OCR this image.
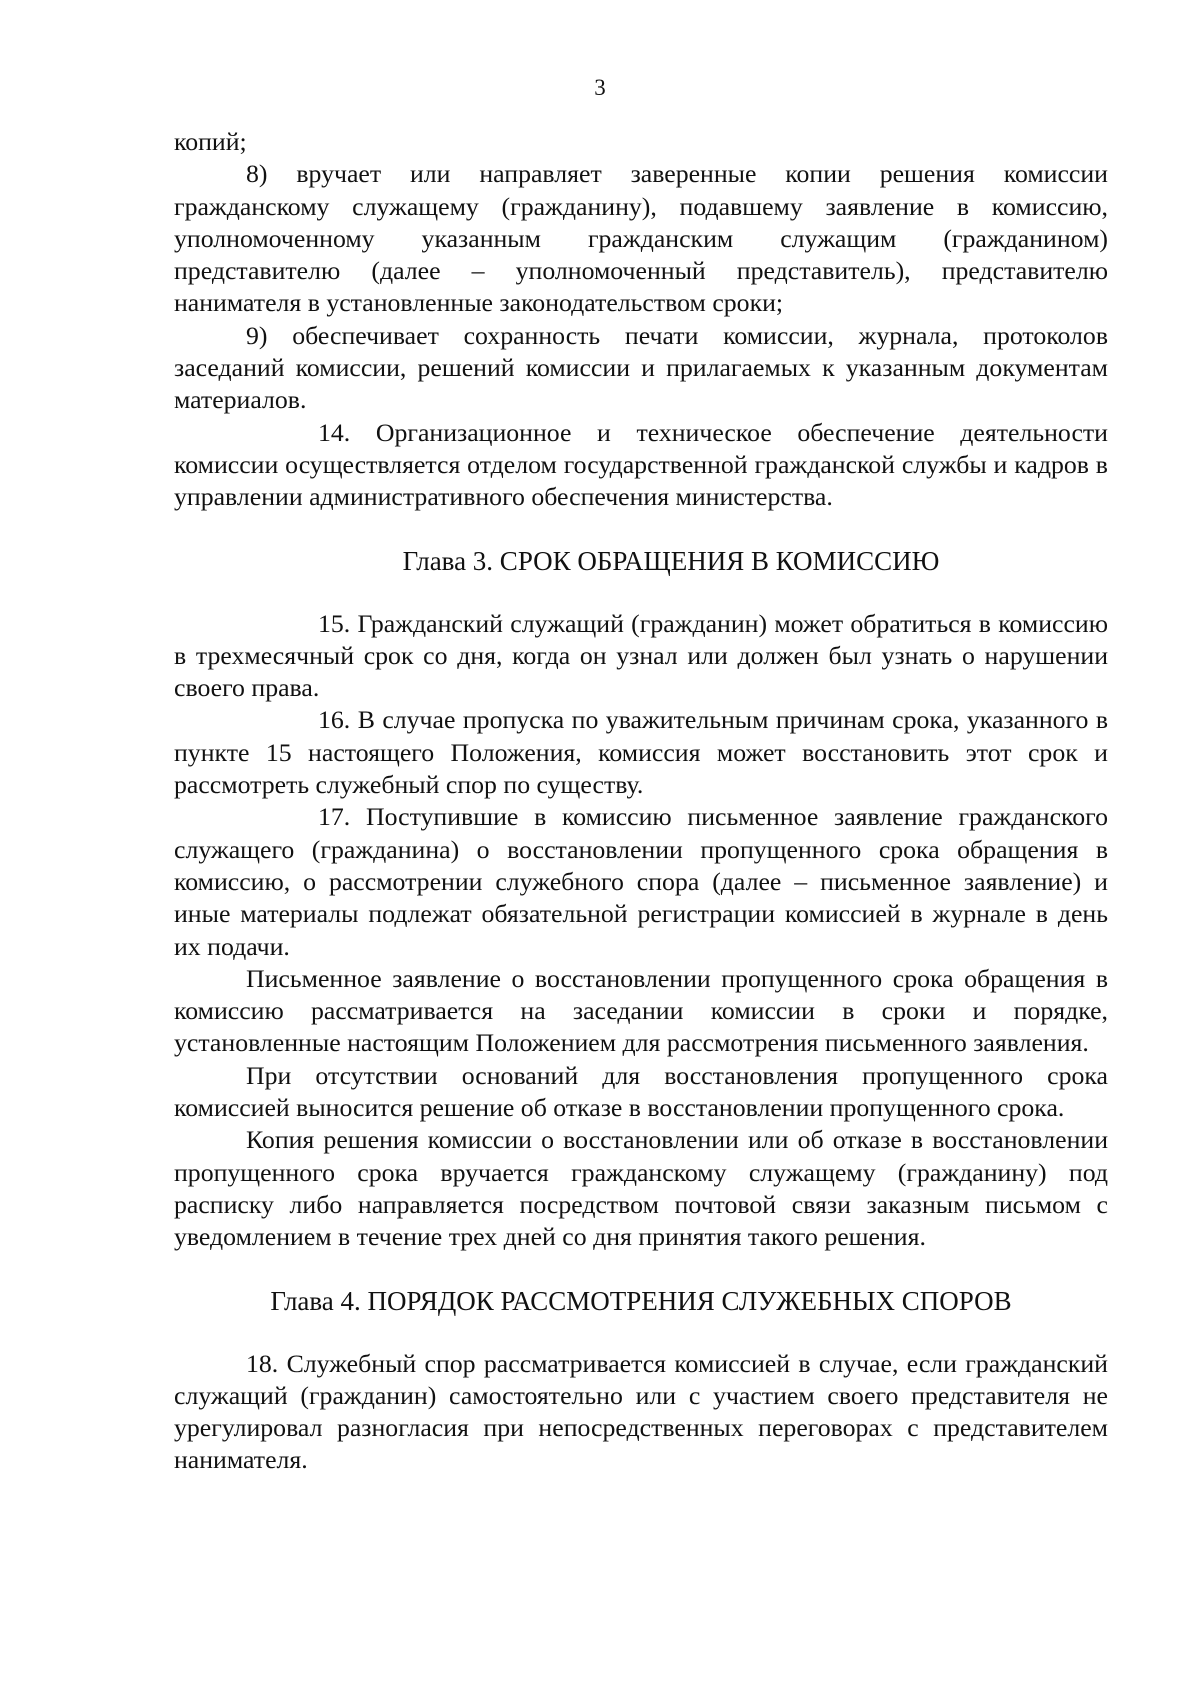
3

копий;

8) вручает или направляет заверенные копии решения комиссии гражданскому служащему (гражданину), подавшему заявление в комиссию, уполномоченному указанным гражданским служащим (гражданином) представителю (далее – уполномоченный представитель), представителю нанимателя в установленные законодательством сроки;

9) обеспечивает сохранность печати комиссии, журнала, протоколов заседаний комиссии, решений комиссии и прилагаемых к указанным документам материалов.

14. Организационное и техническое обеспечение деятельности комиссии осуществляется отделом государственной гражданской службы и кадров в управлении административного обеспечения министерства.

Глава 3. СРОК ОБРАЩЕНИЯ В КОМИССИЮ

15. Гражданский служащий (гражданин) может обратиться в комиссию в трехмесячный срок со дня, когда он узнал или должен был узнать о нарушении своего права.

16. В случае пропуска по уважительным причинам срока, указанного в пункте 15 настоящего Положения, комиссия может восстановить этот срок и рассмотреть служебный спор по существу.

17. Поступившие в комиссию письменное заявление гражданского служащего (гражданина) о восстановлении пропущенного срока обращения в комиссию, о рассмотрении служебного спора (далее – письменное заявление) и иные материалы подлежат обязательной регистрации комиссией в журнале в день их подачи.

Письменное заявление о восстановлении пропущенного срока обращения в комиссию рассматривается на заседании комиссии в сроки и порядке, установленные настоящим Положением для рассмотрения письменного заявления.

При отсутствии оснований для восстановления пропущенного срока комиссией выносится решение об отказе в восстановлении пропущенного срока.

Копия решения комиссии о восстановлении или об отказе в восстановлении пропущенного срока вручается гражданскому служащему (гражданину) под расписку либо направляется посредством почтовой связи заказным письмом с уведомлением в течение трех дней со дня принятия такого решения.

Глава 4. ПОРЯДОК РАССМОТРЕНИЯ СЛУЖЕБНЫХ СПОРОВ

18. Служебный спор рассматривается комиссией в случае, если гражданский служащий (гражданин) самостоятельно или с участием своего представителя не урегулировал разногласия при непосредственных переговорах с представителем нанимателя.
